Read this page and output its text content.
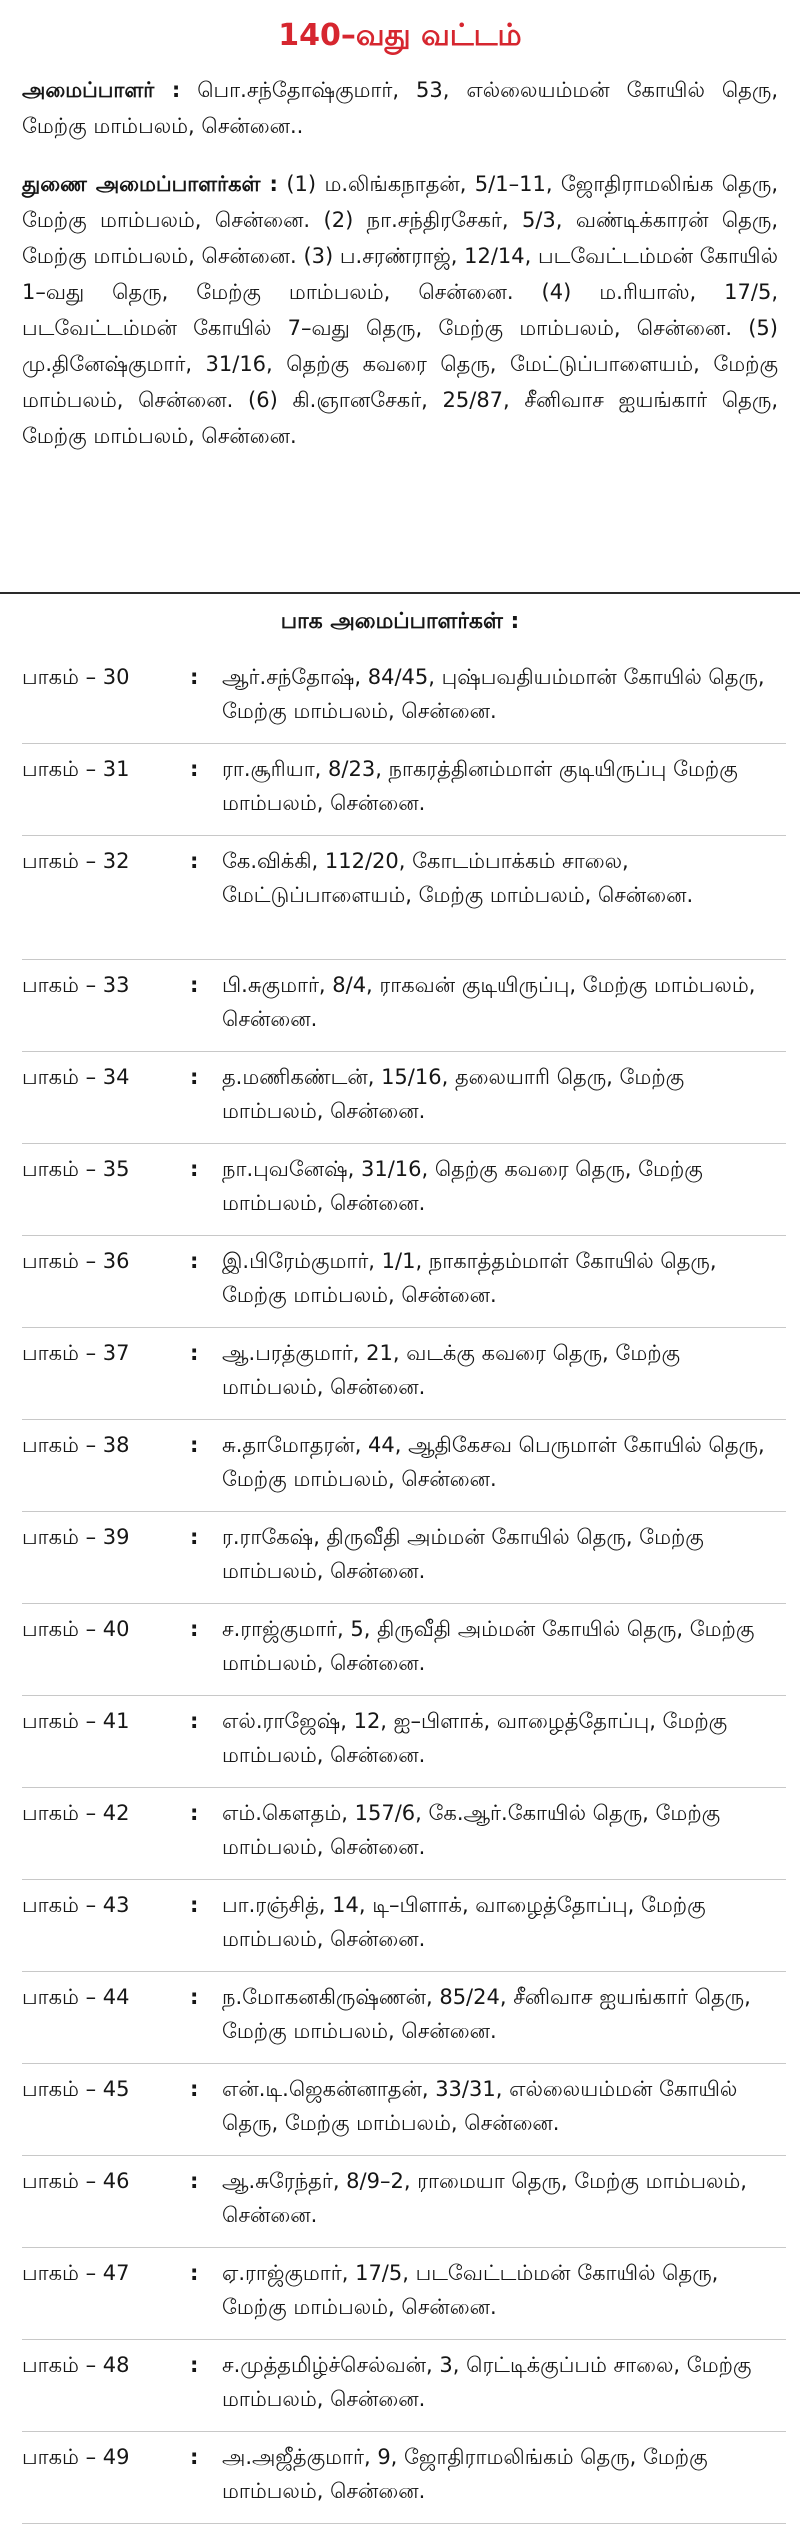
140–வது வட்டம்
அமைப்பாளர் : பொ.சந்தோஷ்குமார், 53, எல்லையம்மன் கோயில் தெரு, மேற்கு மாம்பலம், சென்னை..
துணை அமைப்பாளர்கள் : (1) ம.லிங்கநாதன், 5/1–11, ஜோதிராமலிங்க தெரு, மேற்கு மாம்பலம், சென்னை. (2) நா.சந்திரசேகர், 5/3, வண்டிக்காரன் தெரு, மேற்கு மாம்பலம், சென்னை. (3) ப.சரண்ராஜ், 12/14, படவேட்டம்மன் கோயில் 1–வது தெரு, மேற்கு மாம்பலம், சென்னை. (4) ம.ரியாஸ், 17/5, படவேட்டம்மன் கோயில் 7–வது தெரு, மேற்கு மாம்பலம், சென்னை. (5) மு.தினேஷ்குமார், 31/16, தெற்கு கவரை தெரு, மேட்டுப்பாளையம், மேற்கு மாம்பலம், சென்னை. (6) கி.ஞானசேகர், 25/87, சீனிவாச ஐயங்கார் தெரு, மேற்கு மாம்பலம், சென்னை.
பாக அமைப்பாளர்கள் :
பாகம் – 30	:	ஆர்.சந்தோஷ், 84/45, புஷ்பவதியம்மான் கோயில் தெரு, மேற்கு மாம்பலம், சென்னை.
பாகம் – 31	:	ரா.சூரியா, 8/23, நாகரத்தினம்மாள் குடியிருப்பு மேற்கு மாம்பலம், சென்னை.
பாகம் – 32	:	கே.விக்கி, 112/20, கோடம்பாக்கம் சாலை, மேட்டுப்பாளையம், மேற்கு மாம்பலம், சென்னை.
பாகம் – 33	:	பி.சுகுமார், 8/4, ராகவன் குடியிருப்பு, மேற்கு மாம்பலம், சென்னை.
பாகம் – 34	:	த.மணிகண்டன், 15/16, தலையாரி தெரு, மேற்கு மாம்பலம், சென்னை.
பாகம் – 35	:	நா.புவனேஷ், 31/16, தெற்கு கவரை தெரு, மேற்கு மாம்பலம், சென்னை.
பாகம் – 36	:	இ.பிரேம்குமார், 1/1, நாகாத்தம்மாள் கோயில் தெரு, மேற்கு மாம்பலம், சென்னை.
பாகம் – 37	:	ஆ.பரத்குமார், 21, வடக்கு கவரை தெரு, மேற்கு மாம்பலம், சென்னை.
பாகம் – 38	:	சு.தாமோதரன், 44, ஆதிகேசவ பெருமாள் கோயில் தெரு, மேற்கு மாம்பலம், சென்னை.
பாகம் – 39	:	ர.ராகேஷ், திருவீதி அம்மன் கோயில் தெரு, மேற்கு மாம்பலம், சென்னை.
பாகம் – 40	:	ச.ராஜ்குமார், 5, திருவீதி அம்மன் கோயில் தெரு, மேற்கு மாம்பலம், சென்னை.
பாகம் – 41	:	எல்.ராஜேஷ், 12, ஐ–பிளாக், வாழைத்தோப்பு, மேற்கு மாம்பலம், சென்னை.
பாகம் – 42	:	எம்.கௌதம், 157/6, கே.ஆர்.கோயில் தெரு, மேற்கு மாம்பலம், சென்னை.
பாகம் – 43	:	பா.ரஞ்சித், 14, டி–பிளாக், வாழைத்தோப்பு, மேற்கு மாம்பலம், சென்னை.
பாகம் – 44	:	ந.மோகனகிருஷ்ணன், 85/24, சீனிவாச ஐயங்கார் தெரு, மேற்கு மாம்பலம், சென்னை.
பாகம் – 45	:	என்.டி.ஜெகன்னாதன், 33/31, எல்லையம்மன் கோயில் தெரு, மேற்கு மாம்பலம், சென்னை.
பாகம் – 46	:	ஆ.சுரேந்தர், 8/9–2, ராமையா தெரு, மேற்கு மாம்பலம், சென்னை.
பாகம் – 47	:	ஏ.ராஜ்குமார், 17/5, படவேட்டம்மன் கோயில் தெரு, மேற்கு மாம்பலம், சென்னை.
பாகம் – 48	:	ச.முத்தமிழ்ச்செல்வன், 3, ரெட்டிக்குப்பம் சாலை, மேற்கு மாம்பலம், சென்னை.
பாகம் – 49	:	அ.அஜீத்குமார், 9, ஜோதிராமலிங்கம் தெரு, மேற்கு மாம்பலம், சென்னை.
